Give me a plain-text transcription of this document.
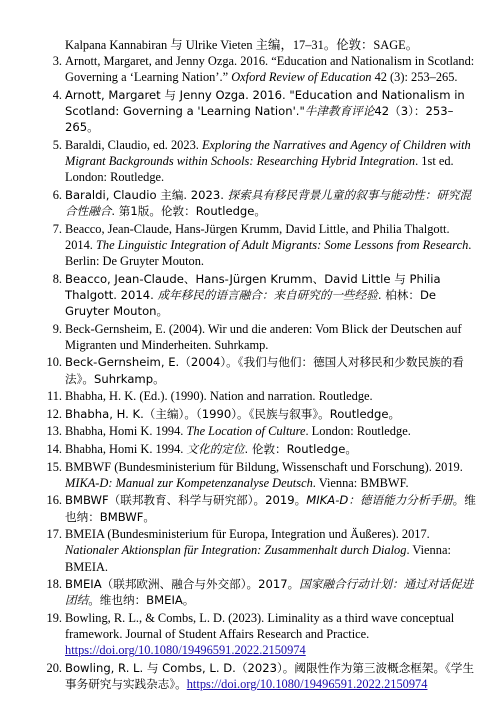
Kalpana Kannabiran 与 Ulrike Vieten 主编，17–31。伦敦：SAGE。
3. Arnott, Margaret, and Jenny Ozga. 2016. “Education and Nationalism in Scotland: Governing a ‘Learning Nation’.” Oxford Review of Education 42 (3): 253–265.
4. Arnott, Margaret 与 Jenny Ozga. 2016. "Education and Nationalism in Scotland: Governing a 'Learning Nation'."牛津教育评论42（3）：253–265。
5. Baraldi, Claudio, ed. 2023. Exploring the Narratives and Agency of Children with Migrant Backgrounds within Schools: Researching Hybrid Integration. 1st ed. London: Routledge.
6. Baraldi, Claudio 主编. 2023. 探索具有移民背景儿童的叙事与能动性：研究混合性融合. 第1版。伦敦：Routledge。
7. Beacco, Jean-Claude, Hans-Jürgen Krumm, David Little, and Philia Thalgott. 2014. The Linguistic Integration of Adult Migrants: Some Lessons from Research. Berlin: De Gruyter Mouton.
8. Beacco, Jean-Claude、Hans-Jürgen Krumm、David Little 与 Philia Thalgott. 2014. 成年移民的语言融合：来自研究的一些经验. 柏林：De Gruyter Mouton。
9. Beck-Gernsheim, E. (2004). Wir und die anderen: Vom Blick der Deutschen auf Migranten und Minderheiten. Suhrkamp.
10. Beck-Gernsheim, E.（2004）。《我们与他们：德国人对移民和少数民族的看法》。Suhrkamp。
11. Bhabha, H. K. (Ed.). (1990). Nation and narration. Routledge.
12. Bhabha, H. K.（主编）。（1990）。《民族与叙事》。Routledge。
13. Bhabha, Homi K. 1994. The Location of Culture. London: Routledge.
14. Bhabha, Homi K. 1994. 文化的定位. 伦敦：Routledge。
15. BMBWF (Bundesministerium für Bildung, Wissenschaft und Forschung). 2019. MIKA-D: Manual zur Kompetenzanalyse Deutsch. Vienna: BMBWF.
16. BMBWF（联邦教育、科学与研究部）。2019。MIKA-D：德语能力分析手册。维也纳：BMBWF。
17. BMEIA (Bundesministerium für Europa, Integration und Äußeres). 2017. Nationaler Aktionsplan für Integration: Zusammenhalt durch Dialog. Vienna: BMEIA.
18. BMEIA（联邦欧洲、融合与外交部）。2017。国家融合行动计划：通过对话促进团结。维也纳：BMEIA。
19. Bowling, R. L., & Combs, L. D. (2023). Liminality as a third wave conceptual framework. Journal of Student Affairs Research and Practice. https://doi.org/10.1080/19496591.2022.2150974
20. Bowling, R. L. 与 Combs, L. D.（2023）。阈限性作为第三波概念框架。《学生事务研究与实践杂志》。https://doi.org/10.1080/19496591.2022.2150974
